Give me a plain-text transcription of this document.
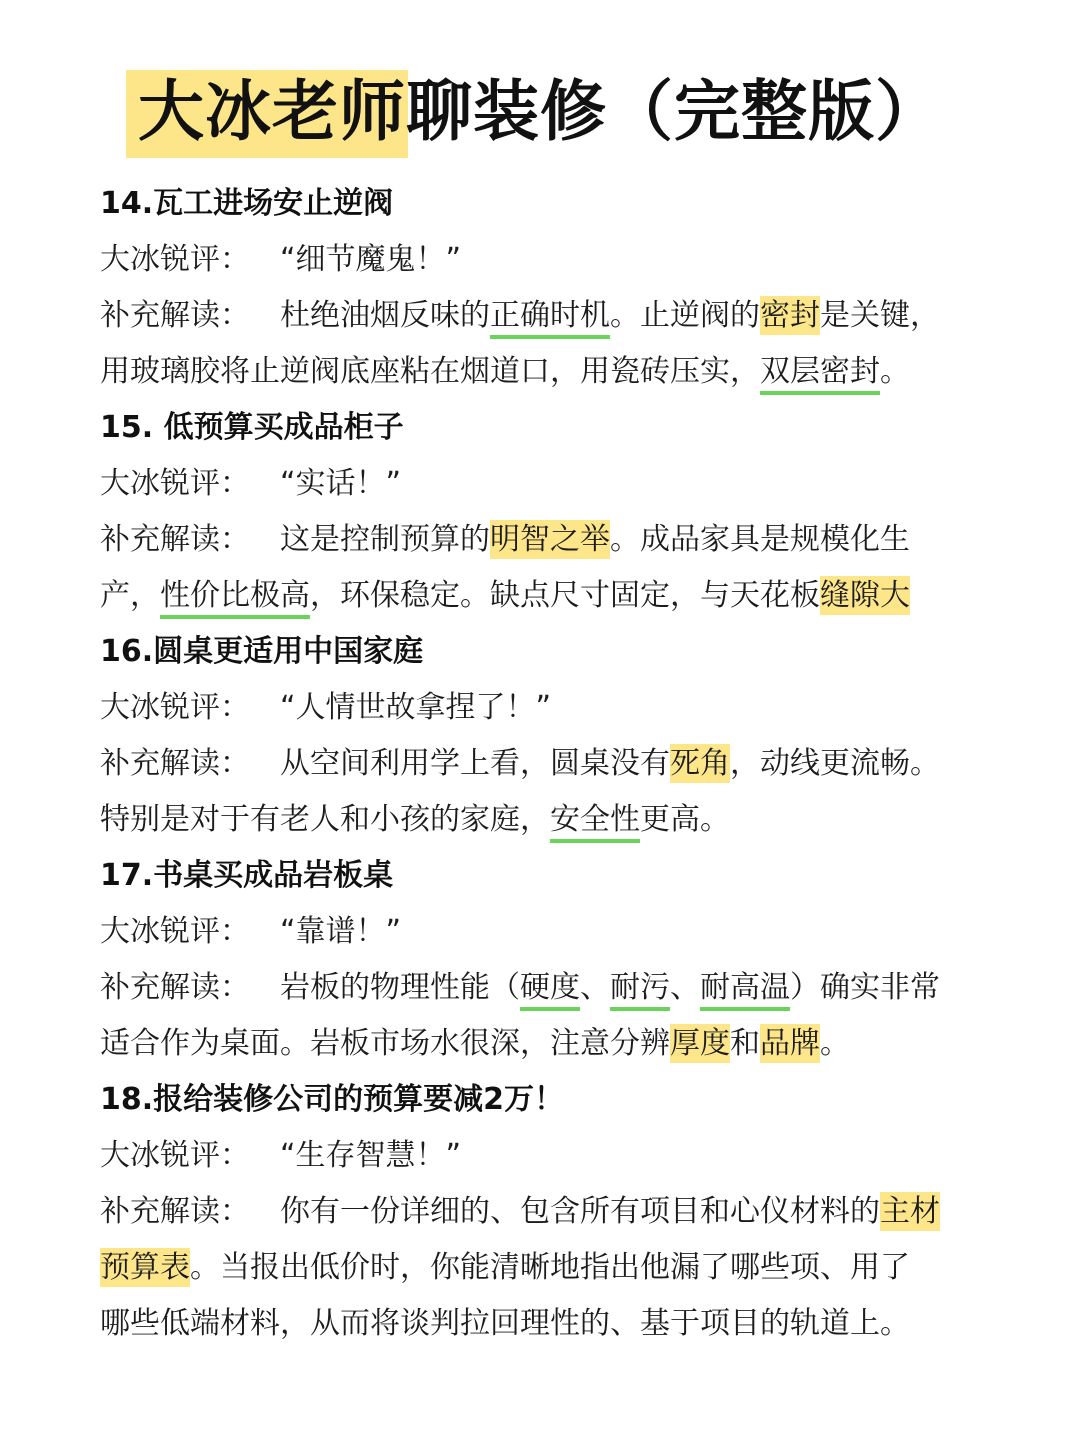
大冰老师聊装修（完整版）
14.瓦工进场安止逆阀
大冰锐评： “细节魔鬼！”
补充解读： 杜绝油烟反味的正确时机。止逆阀的密封是关键，
用玻璃胶将止逆阀底座粘在烟道口，用瓷砖压实，双层密封。
15. 低预算买成品柜子
大冰锐评： “实话！”
补充解读： 这是控制预算的明智之举。成品家具是规模化生
产，性价比极高，环保稳定。缺点尺寸固定，与天花板缝隙大
16.圆桌更适用中国家庭
大冰锐评： “人情世故拿捏了！”
补充解读： 从空间利用学上看，圆桌没有死角，动线更流畅。
特别是对于有老人和小孩的家庭，安全性更高。
17.书桌买成品岩板桌
大冰锐评： “靠谱！”
补充解读： 岩板的物理性能（硬度、耐污、耐高温）确实非常
适合作为桌面。岩板市场水很深，注意分辨厚度和品牌。
18.报给装修公司的预算要减2万！
大冰锐评： “生存智慧！”
补充解读： 你有一份详细的、包含所有项目和心仪材料的主材
预算表。当报出低价时，你能清晰地指出他漏了哪些项、用了
哪些低端材料，从而将谈判拉回理性的、基于项目的轨道上。
